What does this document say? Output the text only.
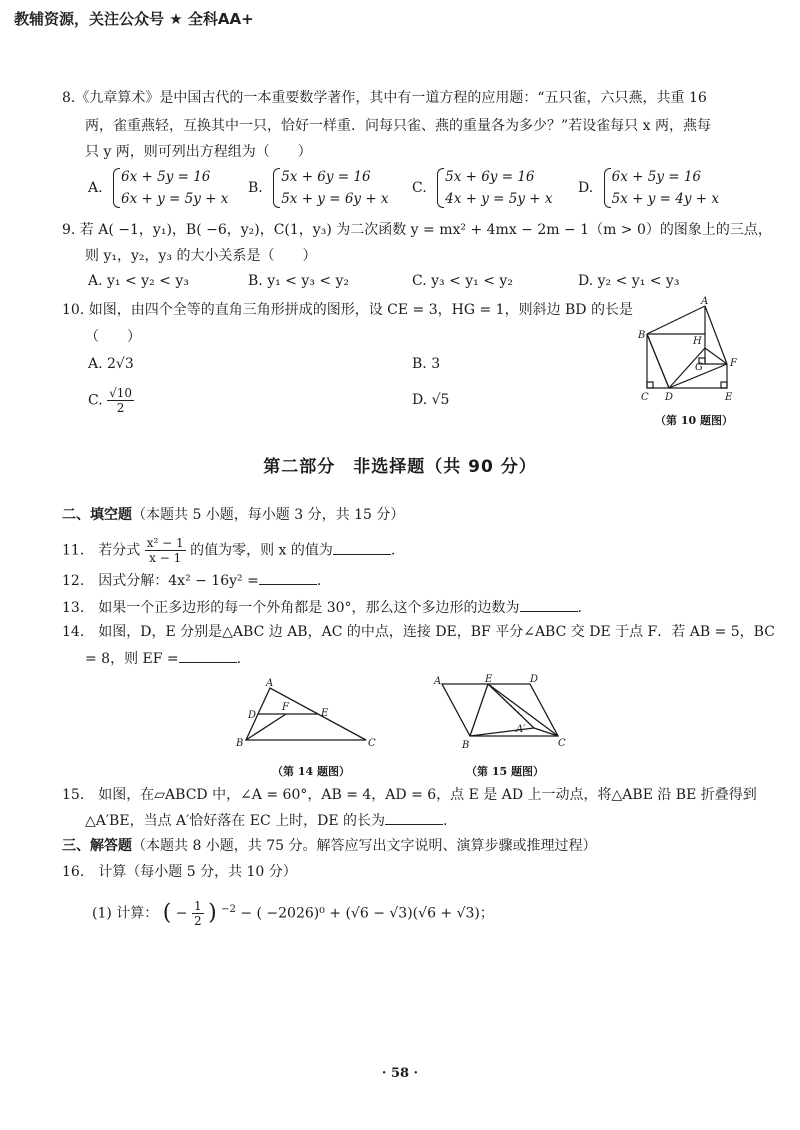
教辅资源，关注公众号 ★ 全科AA+
8.《九章算术》是中国古代的一本重要数学著作，其中有一道方程的应用题：“五只雀，六只燕，共重 16
两，雀重燕轻，互换其中一只，恰好一样重．问每只雀、燕的重量各为多少？”若设雀每只 x 两，燕每
只 y 两，则可列出方程组为（　　）
A.
6x + 5y = 16
6x + y = 5y + x
B.
5x + 6y = 16
5x + y = 6y + x
C.
5x + 6y = 16
4x + y = 5y + x
D.
6x + 5y = 16
5x + y = 4y + x
9. 若 A( −1，y₁)，B( −6，y₂)，C(1，y₃) 为二次函数 y = mx² + 4mx − 2m − 1（m > 0）的图象上的三点，
则 y₁，y₂，y₃ 的大小关系是（　　）
A. y₁ < y₂ < y₃	B. y₁ < y₃ < y₂	C. y₃ < y₁ < y₂	D. y₂ < y₁ < y₃
10. 如图，由四个全等的直角三角形拼成的图形，设 CE = 3，HG = 1，则斜边 BD 的长是
（　　）
A. 2√3	B. 3
C. $\frac{√10}{2}$	D. √5
A
B
H
G	F
C D	E
（第 10 题图）
第二部分　非选择题（共 90 分）
二、填空题（本题共 5 小题，每小题 3 分，共 15 分）
11.　若分式 $\frac{\text{x² − 1}}{x - 1}$ 的值为零，则 x 的值为	.
12.　因式分解：4x² − 16y² =	.
13.　如果一个正多边形的每一个外角都是 30°，那么这个多边形的边数为	.
14.　如图，D，E 分别是△ABC 边 AB，AC 的中点，连接 DE，BF 平分∠ABC 交 DE 于点 F．若 AB = 5，BC
= 8，则 EF =	.
A
D
F
E
B	C
（第 14 题图）
A	E	D
A′
B	C
（第 15 题图）
15.　如图，在▱ABCD 中，∠A = 60°，AB = 4，AD = 6，点 E 是 AD 上一动点，将△ABE 沿 BE 折叠得到
△A′BE，当点 A′恰好落在 EC 上时，DE 的长为	.
三、解答题（本题共 8 小题，共 75 分。解答应写出文字说明、演算步骤或推理过程）
16.　计算（每小题 5 分，共 10 分）
(1) 计算： ( − $\frac{1}{2}$ ) $^{-2}$ − ( −2026)⁰ + (√6 − √3)(√6 + √3)；
· 58 ·
